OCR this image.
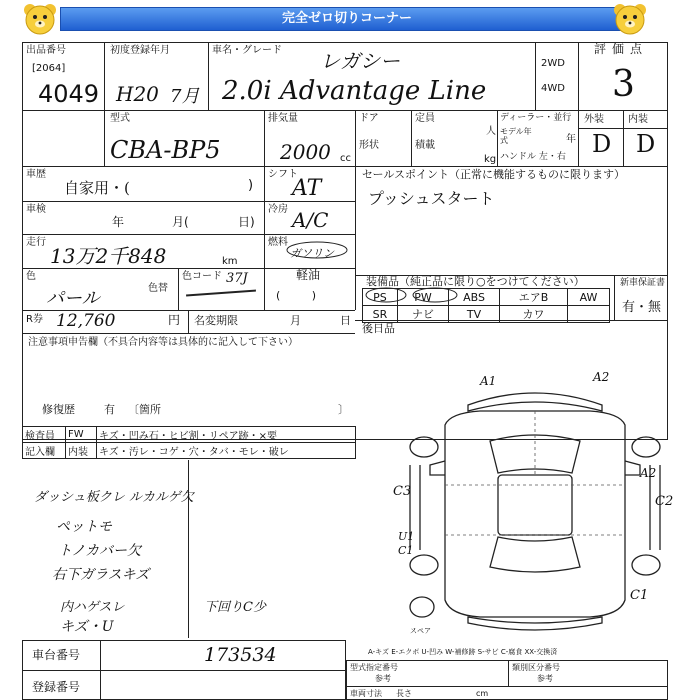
完全ゼロ切りコーナー
出品番号
[2064]
4049
初度登録年月
H20 7月
車名・グレード レガシー
2.0i Advantage Line
2WD
4WD
評価点
3
型式
CBA-BP5
排気量
2000 cc
ドア
形状
定員
人
積載
kg
ディーラー・並行
モデル年式	年
ハンドル 左・右
外装 内装
D D
車歴
自家用・(	)
シフト
AT
車検
年	月(	日)
冷房 A/C
走行
13万2千848	km
燃料
ガソリン
軽油
(         )
色
パール	色替
色コード 37J
セールスポイント（正常に機能するものに限ります）
プッシュスタート
装備品（純正品に限り○をつけてください）	新車保証書
有・無
PS	PW	ABS	エアB	AW
SR	ナビ	TV	カワ	
後日品
R券 12,760	円 名変期限	月	日
注意事項申告欄（不具合内容等は具体的に記入して下さい）
修復歴	有 〔箇所	〕
検査員	FW	キズ・凹み石・ヒビ割・リペア跡・×要
記入欄	内装	キズ・汚レ・コゲ・穴・タバ・モレ・破レ
ダッシュ板クレ ルカルゲ欠
ペットモ
トノカバー欠
右下ガラスキズ
内ハゲスレ
キズ・U
下回りC少
A1	A2
C3
U1
C1
A2
C2
C1
スペア
A-キズ E-エクボ U-凹み W-補修跡 S-サビ C-腐食 XX-交換済
車台番号	173534
登録番号
型式指定番号
参考
類別区分番号
参考
車両寸法 長さ	cm
